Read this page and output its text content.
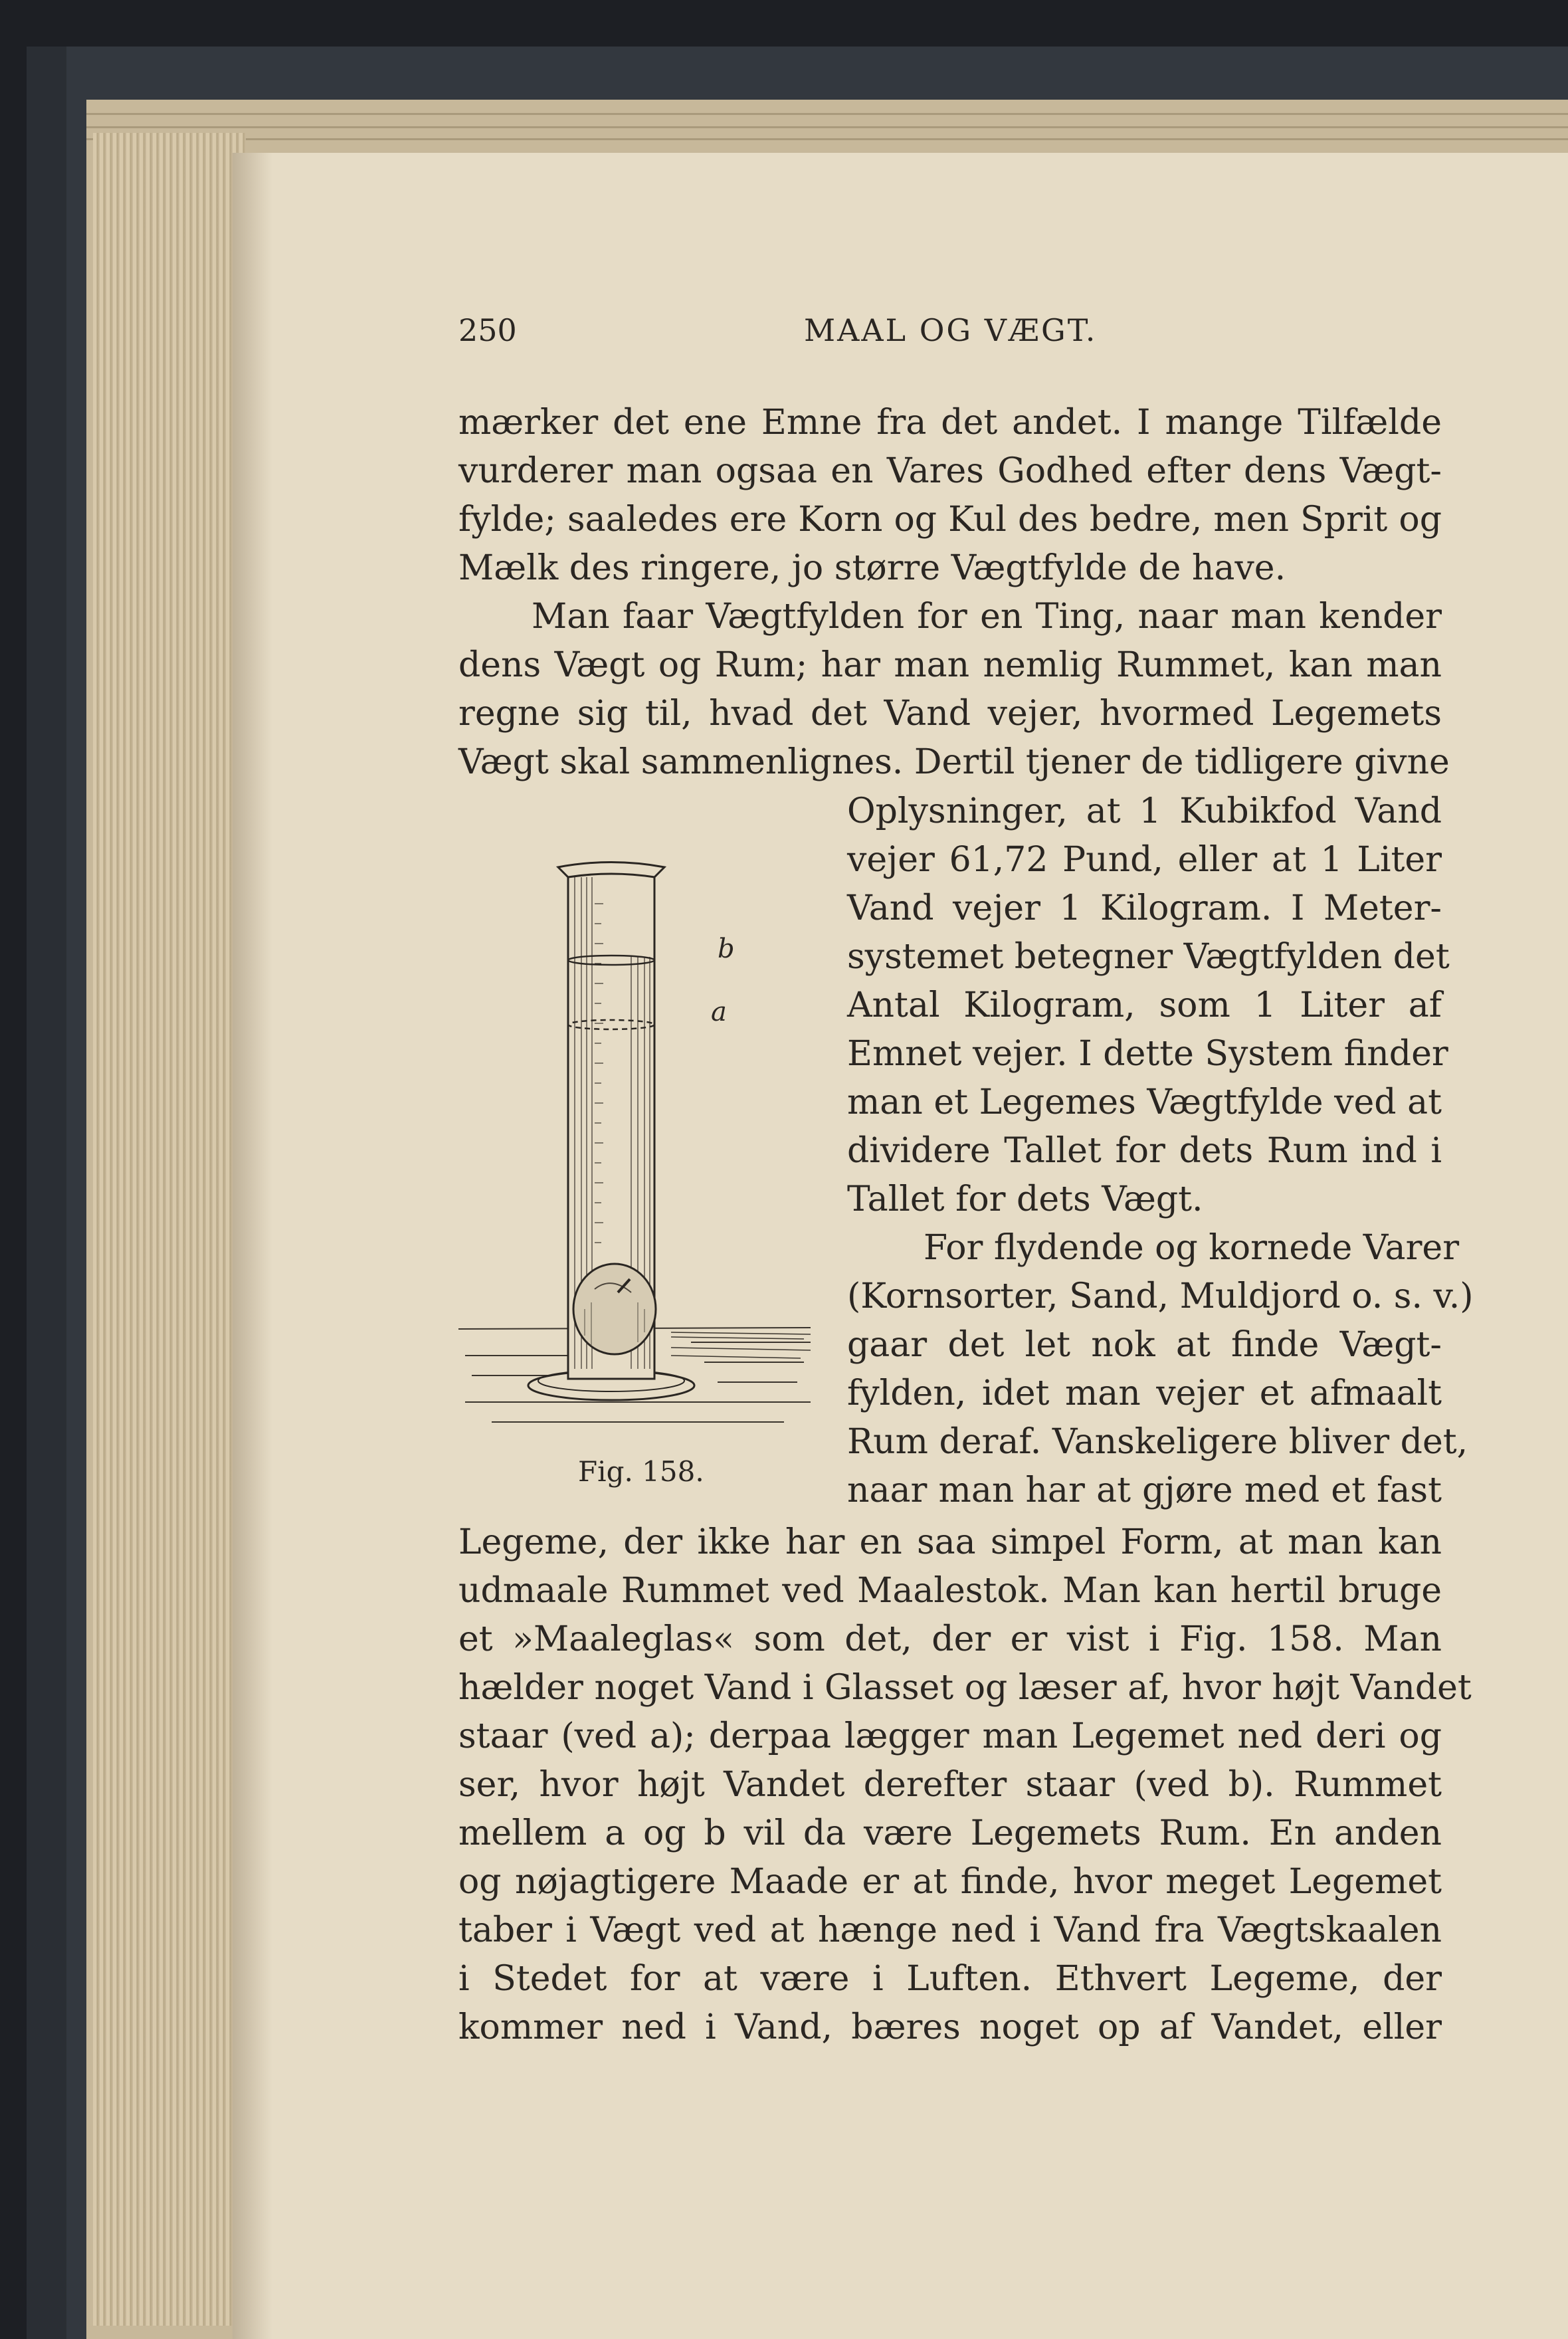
250	MAAL OG VÆGT.
mærker det ene Emne fra det andet. I mange Tilfælde
vurderer man ogsaa en Vares Godhed efter dens Vægt-
fylde; saaledes ere Korn og Kul des bedre, men Sprit og
Mælk des ringere, jo større Vægtfylde de have.
Man faar Vægtfylden for en Ting, naar man kender
dens Vægt og Rum; har man nemlig Rummet, kan man
regne sig til, hvad det Vand vejer, hvormed Legemets
Vægt skal sammenlignes. Dertil tjener de tidligere givne
Oplysninger, at 1 Kubikfod Vand
vejer 61,72 Pund, eller at 1 Liter
Vand vejer 1 Kilogram. I Meter-
systemet betegner Vægtfylden det
Antal Kilogram, som 1 Liter af
Emnet vejer. I dette System finder
man et Legemes Vægtfylde ved at
dividere Tallet for dets Rum ind i
Tallet for dets Vægt.
For flydende og kornede Varer
(Kornsorter, Sand, Muldjord o. s. v.)
gaar det let nok at finde Vægt-
fylden, idet man vejer et afmaalt
Rum deraf. Vanskeligere bliver det,
naar man har at gjøre med et fast
b
a
Fig. 158.
Legeme, der ikke har en saa simpel Form, at man kan
udmaale Rummet ved Maalestok. Man kan hertil bruge
et »Maaleglas« som det, der er vist i Fig. 158. Man
hælder noget Vand i Glasset og læser af, hvor højt Vandet
staar (ved a); derpaa lægger man Legemet ned deri og
ser, hvor højt Vandet derefter staar (ved b). Rummet
mellem a og b vil da være Legemets Rum. En anden
og nøjagtigere Maade er at finde, hvor meget Legemet
taber i Vægt ved at hænge ned i Vand fra Vægtskaalen
i Stedet for at være i Luften. Ethvert Legeme, der
kommer ned i Vand, bæres noget op af Vandet, eller
